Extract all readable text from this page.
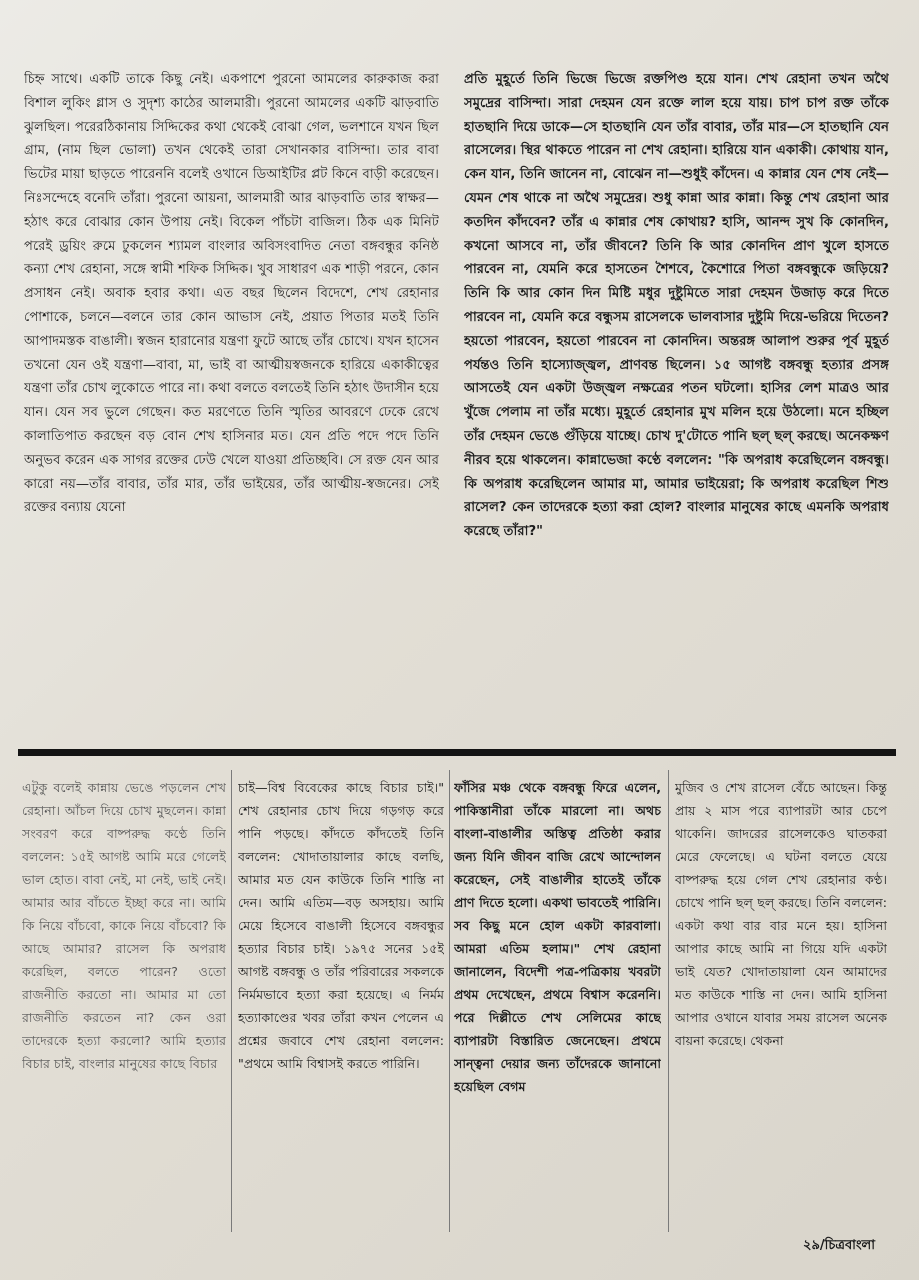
চিহ্ন সাথে। একটি তাকে কিছু নেই। একপাশে পুরনো আমলের কারুকাজ করা বিশাল লুকিং গ্লাস ও সুদৃশ্য কাঠের আলমারী। পুরনো আমলের একটি ঝাড়বাতি ঝুলছিল। পরেরঠিকানায় সিদ্দিকের কথা থেকেই বোঝা গেল, ভলশানে যখন ছিল গ্রাম, (নাম ছিল ভোলা) তখন থেকেই তারা সেখানকার বাসিন্দা। তার বাবা ভিটের মায়া ছাড়তে পারেননি বলেই ওখানে ডিআইটির প্লট কিনে বাড়ী করেছেন। নিঃসন্দেহে বনেদি তাঁরা। পুরনো আয়না, আলমারী আর ঝাড়বাতি তার স্বাক্ষর—হঠাৎ করে বোঝার কোন উপায় নেই। বিকেল পাঁচটা বাজিল। ঠিক এক মিনিট পরেই ড্রয়িং রুমে ঢুকলেন শ্যামল বাংলার অবিসংবাদিত নেতা বঙ্গবন্ধুর কনিষ্ঠ কন্যা শেখ রেহানা, সঙ্গে স্বামী শফিক সিদ্দিক। খুব সাধারণ এক শাড়ী পরনে, কোন প্রসাধন নেই। অবাক হবার কথা। এত বছর ছিলেন বিদেশে, শেখ রেহানার পোশাকে, চলনে—বলনে তার কোন আভাস নেই, প্রয়াত পিতার মতই তিনি আপাদমস্তক বাঙালী। স্বজন হারানোর যন্ত্রণা ফুটে আছে তাঁর চোখে। যখন হাসেন তখনো যেন ওই যন্ত্রণা—বাবা, মা, ভাই বা আত্মীয়স্বজনকে হারিয়ে একাকীত্বের যন্ত্রণা তাঁর চোখ লুকোতে পারে না। কথা বলতে বলতেই তিনি হঠাৎ উদাসীন হয়ে যান। যেন সব ভুলে গেছেন। কত মরণেতে তিনি স্মৃতির আবরণে ঢেকে রেখে কালাতিপাত করছেন বড় বোন শেখ হাসিনার মত। যেন প্রতি পদে পদে তিনি অনুভব করেন এক সাগর রক্তের ঢেউ খেলে যাওয়া প্রতিচ্ছবি। সে রক্ত যেন আর কারো নয়—তাঁর বাবার, তাঁর মার, তাঁর ভাইয়ের, তাঁর আত্মীয়-স্বজনের। সেই রক্তের বন্যায় যেনো

প্রতি মুহূর্তে তিনি ভিজে ভিজে রক্তপিণ্ড হয়ে যান। শেখ রেহানা তখন অথৈ সমুদ্রের বাসিন্দা। সারা দেহমন যেন রক্তে লাল হয়ে যায়। চাপ চাপ রক্ত তাঁকে হাতছানি দিয়ে ডাকে—সে হাতছানি যেন তাঁর বাবার, তাঁর মার—সে হাতছানি যেন রাসেলের। স্থির থাকতে পারেন না শেখ রেহানা। হারিয়ে যান একাকী। কোথায় যান, কেন যান, তিনি জানেন না, বোঝেন না—শুধুই কাঁদেন। এ কান্নার যেন শেষ নেই—যেমন শেষ থাকে না অথৈ সমুদ্রের। শুধু কান্না আর কান্না। কিন্তু শেখ রেহানা আর কতদিন কাঁদবেন? তাঁর এ কান্নার শেষ কোথায়? হাসি, আনন্দ সুখ কি কোনদিন, কখনো আসবে না, তাঁর জীবনে? তিনি কি আর কোনদিন প্রাণ খুলে হাসতে পারবেন না, যেমনি করে হাসতেন শৈশবে, কৈশোরে পিতা বঙ্গবন্ধুকে জড়িয়ে? তিনি কি আর কোন দিন মিষ্টি মধুর দুষ্টুমিতে সারা দেহমন উজাড় করে দিতে পারবেন না, যেমনি করে বন্ধুসম রাসেলকে ভালবাসার দুষ্টুমি দিয়ে-ভরিয়ে দিতেন? হয়তো পারবেন, হয়তো পারবেন না কোনদিন। অন্তরঙ্গ আলাপ শুরুর পূর্ব মুহূর্ত পর্যন্তও তিনি হাস্যোজ্জ্বল, প্রাণবন্ত ছিলেন। ১৫ আগষ্ট বঙ্গবন্ধু হত্যার প্রসঙ্গ আসতেই যেন একটা উজ্জ্বল নক্ষত্রের পতন ঘটলো। হাসির লেশ মাত্রও আর খুঁজে পেলাম না তাঁর মধ্যে। মুহূর্তে রেহানার মুখ মলিন হয়ে উঠলো। মনে হচ্ছিল তাঁর দেহমন ভেঙে গুঁড়িয়ে যাচ্ছে। চোখ দু'টোতে পানি ছল্ ছল্ করছে। অনেকক্ষণ নীরব হয়ে থাকলেন। কান্নাভেজা কণ্ঠে বললেন: "কি অপরাধ করেছিলেন বঙ্গবন্ধু। কি অপরাধ করেছিলেন আমার মা, আমার ভাইয়েরা; কি অপরাধ করেছিল শিশু রাসেল? কেন তাদেরকে হত্যা করা হোল? বাংলার মানুষের কাছে এমনকি অপরাধ করেছে তাঁরা?"

এটুকু বলেই কান্নায় ভেঙে পড়লেন শেখ রেহানা। আঁচল দিয়ে চোখ মুছলেন। কান্না সংবরণ করে বাষ্পরুদ্ধ কণ্ঠে তিনি বললেন: ১৫ই আগষ্ট আমি মরে গেলেই ভাল হোত। বাবা নেই, মা নেই, ভাই নেই। আমার আর বাঁচতে ইচ্ছা করে না। আমি কি নিয়ে বাঁচবো, কাকে নিয়ে বাঁচবো? কি আছে আমার? রাসেল কি অপরাধ করেছিল, বলতে পারেন? ওতো রাজনীতি করতো না। আমার মা তো রাজনীতি করতেন না? কেন ওরা তাদেরকে হত্যা করলো? আমি হত্যার বিচার চাই, বাংলার মানুষের কাছে বিচার

চাই—বিশ্ব বিবেকের কাছে বিচার চাই।" শেখ রেহানার চোখ দিয়ে গড়গড় করে পানি পড়ছে। কাঁদতে কাঁদতেই তিনি বললেন: খোদাতায়ালার কাছে বলছি, আমার মত যেন কাউকে তিনি শাস্তি না দেন। আমি এতিম—বড় অসহায়। আমি মেয়ে হিসেবে বাঙালী হিসেবে বঙ্গবন্ধুর হত্যার বিচার চাই। ১৯৭৫ সনের ১৫ই আগষ্ট বঙ্গবন্ধু ও তাঁর পরিবারের সকলকে নির্মমভাবে হত্যা করা হয়েছে। এ নির্মম হত্যাকাণ্ডের খবর তাঁরা কখন পেলেন এ প্রশ্নের জবাবে শেখ রেহানা বললেন: "প্রথমে আমি বিশ্বাসই করতে পারিনি।

ফাঁসির মঞ্চ থেকে বঙ্গবন্ধু ফিরে এলেন, পাকিস্তানীরা তাঁকে মারলো না। অথচ বাংলা-বাঙালীর অস্তিত্ব প্রতিষ্ঠা করার জন্য যিনি জীবন বাজি রেখে আন্দোলন করেছেন, সেই বাঙালীর হাতেই তাঁকে প্রাণ দিতে হলো। একথা ভাবতেই পারিনি। সব কিছু মনে হোল একটা কারবালা। আমরা এতিম হলাম।" শেখ রেহানা জানালেন, বিদেশী পত্র-পত্রিকায় খবরটা প্রথম দেখেছেন, প্রথমে বিশ্বাস করেননি। পরে দিল্লীতে শেখ সেলিমের কাছে ব্যাপারটা বিস্তারিত জেনেছেন। প্রথমে সান্ত্বনা দেয়ার জন্য তাঁদেরকে জানানো হয়েছিল বেগম

মুজিব ও শেখ রাসেল বেঁচে আছেন। কিন্তু প্রায় ২ মাস পরে ব্যাপারটা আর চেপে থাকেনি। জাদরের রাসেলকেও ঘাতকরা মেরে ফেলেছে। এ ঘটনা বলতে যেয়ে বাষ্পরুদ্ধ হয়ে গেল শেখ রেহানার কণ্ঠ। চোখে পানি ছল্ ছল্ করছে। তিনি বললেন: একটা কথা বার বার মনে হয়। হাসিনা আপার কাছে আমি না গিয়ে যদি একটা ভাই যেত? খোদাতায়ালা যেন আমাদের মত কাউকে শাস্তি না দেন। আমি হাসিনা আপার ওখানে যাবার সময় রাসেল অনেক বায়না করেছে। থেকনা

২৯/চিত্রবাংলা
